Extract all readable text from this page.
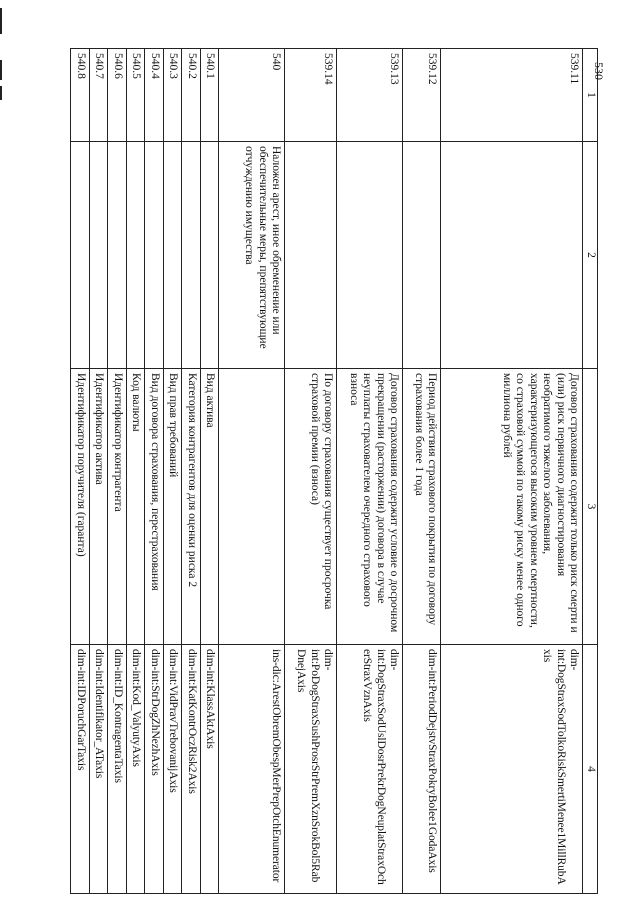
1	2	3	4
539.11		Договор страхования содержит только риск смерти и (или) риск первичного диагностирования необратимого тяжелого заболевания, характеризующегося высоким уровнем смертности, со страховой суммой по такому риску менее одного миллиона рублей	dim-int:DogStraxSodTolkoRiskSmertiMenee1MillRubAxis
539.12		Период действия страхового покрытия по договору страхования более 1 года	dim-int:PeriodDejstvStraxPokryBolee1GodaAxis
539.13		Договор страхования содержит условие о досрочном прекращении (расторжении) договора в случае неуплаты страхователем очередного страхового взноса	dim-int:DogStraxSodUslDosrPrekrDogNeuplatStraxOcherStraxVznAxis
539.14		По договору страхования существует просрочка страховой премии (взноса)	dim-int:PoDogStraxSushProsrStrPremXznSrokBol5RabDnejAxis
540	Наложен арест, иное обременение или обеспечительные меры, препятствующие отчуждению имущества		ins-dic:ArestObremObespMerPrepOtchEnumerator
540.1		Вид актива	dim-int:KlassAktAxis
540.2		Категория контрагентов для оценки риска 2	dim-int:KatKontrOczRisk2Axis
540.3		Вид прав требований	dim-int:VidPravTrebovanijAxis
540.4		Вид договора страхования, перестрахования	dim-int:StrDogZhNezhAxis
540.5		Код валюты	dim-int:Kod_ValyutyAxis
540.6		Идентификатор контрагента	dim-int:ID_KontragentaTaxis
540.7		Идентификатор актива	dim-int:Identifikator_ATaxis
540.8		Идентификатор поручителя (гаранта)	dim-int:IDPoruchGarTaxis
530
